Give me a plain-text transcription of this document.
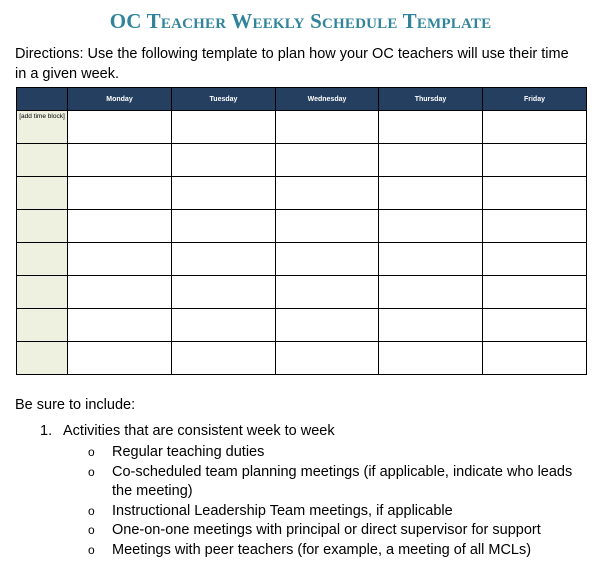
OC Teacher Weekly Schedule Template
Directions: Use the following template to plan how your OC teachers will use their time in a given week.
	Monday	Tuesday	Wednesday	Thursday	Friday
[add time block]					

Be sure to include:
1. Activities that are consistent week to week
o Regular teaching duties
o Co-scheduled team planning meetings (if applicable, indicate who leads the meeting)
o Instructional Leadership Team meetings, if applicable
o One-on-one meetings with principal or direct supervisor for support
o Meetings with peer teachers (for example, a meeting of all MCLs)
